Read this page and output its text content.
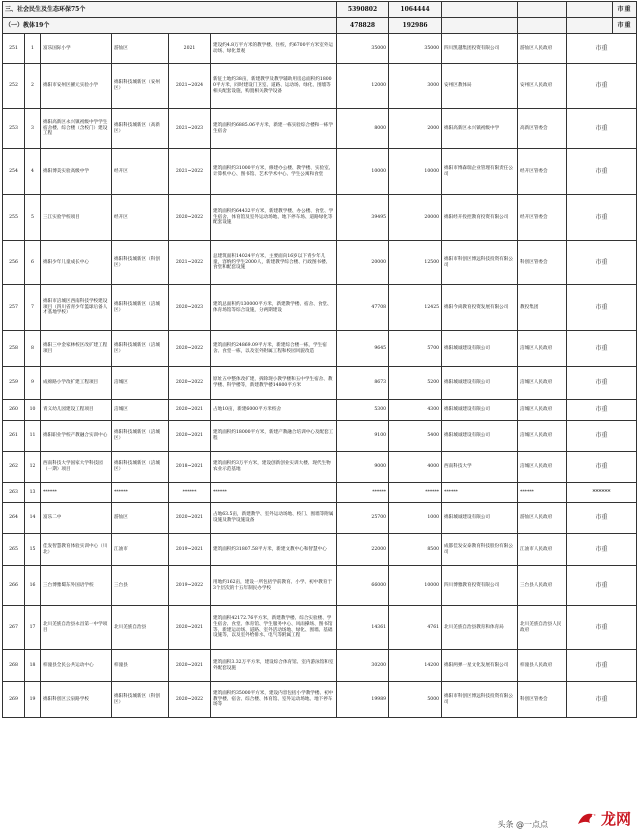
三、社会民生及生态环保75个						5390802	1064444				市重
（一）教体19个						478828	192986				市重
251	1	富乐国际小学	游仙区	2021	建设约4.8万平方米的教学楼、住校，约6700平方米室外运动场、绿化景观	35000	35000	四川凯越集团投资有限公司	游仙区人民政府	市重	
252	2	绵阳市安州区擢元实验小学	绵阳科技城新区（安州区）	2021~2024	新征土地约38亩，新建教学及教学辅助用房总面积约18000平方米，同时建设门卫室、道路、运动场、绿化、围墙等相关配套设施，购置相关教学设备	12000	3000	安州区教体局	安州区人民政府	市重	
253	3	绵阳高新区永兴镇初级中学学生宿舍楼、综合楼（含校门）建设工程	绵阳科技城新区（高新区）	2021~2023	建筑面积约6885.06平方米，新建一栋实验综合楼和一栋学生宿舍	8000	2000	绵阳高新区永兴镇初级中学	高新区管委会	市重	
254	4	绵阳博美实验高级中学	经开区	2021~2022	建筑面积约31000平方米，修建办公楼、教学楼、实验室、计算机中心、图书馆、艺术学术中心、学生公寓和食堂	10000	10000	绵阳市博森瑞企业管理有限责任公司	经开区管委会	市重	
255	5	三江实验学校项目	经开区	2020~2022	建筑面积约64432平方米，新建教学楼、办公楼、食堂、学生宿舍、体育馆及室外运动场地、地下停车场、道路绿化等配套设施	39495	20000	绵阳经开投控教育投资有限公司	经开区管委会	市重	
256	6	绵阳少年儿童成长中心	绵阳科技城新区（科创区）	2021~2022	总建筑面积14024平方米，主要面向16岁以下青少年儿童，容纳约学生2000人，新建教学综合楼、行政图书楼、食堂和配套设施	20000	12500	绵阳市科创区博远科技投资有限公司	科创区管委会	市重	
257	7	绵阳市涪城区西南科技学校建设项目（四川省青少年篮球后备人才基地学校）	绵阳科技城新区（涪城区）	2020~2023	建筑总面积约130000平方米，新建教学楼、宿舍、食堂、体育场馆等综合设施，分两期建设	47708	12425	绵阳今尚教育投资发展有限公司	教投集团	市重	
258	8	绵阳三中金家林校区改扩建工程项目	绵阳科技城新区（涪城区）	2020~2022	建筑面积约24869.09平方米，新建综合楼一栋，学生宿舍、食堂一栋，以及室外附属工程和校园风貌改造	9645	5700	绵阳城诚建设有限公司	涪城区人民政府	市重	
259	9	成绵路小学改扩建工程项目	涪城区	2020~2022	原址五中整体改扩建，拆除现小教学楼和五中学生宿舍、教学楼、科学楼等，新建教学楼14800平方米	8673	5200	绵阳城诚建设有限公司	涪城区人民政府	市重	
260	10	青义幼儿园建设工程项目	涪城区	2020~2021	占地10亩，新建6000平方米校舍	5300	4300	绵阳城诚建设有限公司	涪城区人民政府	市重	
261	11	绵阳职业学校产教融合实训中心	绵阳科技城新区（涪城区）	2020~2021	建筑面积约18000平方米，新建产教融合培训中心及配套工程	9100	5400	绵阳城诚建设有限公司	涪城区人民政府	市重	
262	12	西南科技大学国家大学科技园（一期）项目	绵阳科技城新区（涪城区）	2018~2021	建筑面积约3万平方米，建设创新创业实训大楼、现代生物农业示范基地	9000	4000	西南科技大学	涪城区人民政府	市重	
263	13	******	******	******	******	******	******	******	******	******	
264	14	富乐二中	游仙区	2020~2021	占地63.5亩，新建教学、室外运动场地、校门、围墙等附属设施及教学设施设备	25700	1000	绵阳城诚建设有限公司	游仙区人民政府	市重	
265	15	佳发智慧教育体验实训中心（川北）	江油市	2019~2021	建筑面积约31807.58平方米，新建文教中心和智慧中心	22000	8500	成都佳发安泰教育科技股份有限公司	江油市人民政府	市重	
266	16	三台博雅蜀东外国语学校	三台县	2019~2022	用地约162亩，建设一所包括学前教育、小学、初中教育于3个层次的十五年制民办学校	66000	10000	四川博雅教育投资有限公司	三台县人民政府	市重	
267	17	北川羌族自治县永昌第一中学项目	北川羌族自治县	2020~2021	建筑面积42172.76平方米，新建教学楼、综合实验楼、学生宿舍、食堂、体育馆、学生服务中心、风雨操场、图书馆等，新建运动场、道路、室外活动场地、绿化、围墙、基础设施等，以及室外给排水、电气等附属工程	14361	4761	北川羌族自治县教育和体育局	北川羌族自治县人民政府	市重	
268	18	梓潼县全民公共运动中心	梓潼县	2020~2021	建筑面积3.32万平方米，建设综合体育馆、室内游泳馆和室外配套设施	30200	14200	绵阳两弹一星文化发展有限公司	梓潼县人民政府	市重	
269	19	绵阳科创区云泉路学校	绵阳科技城新区（科创区）	2020~2022	建筑面积约35000平方米，建设内容包括小学教学楼、初中教学楼、宿舍、综合楼、体育馆、室外运动场地、地下停车场等	19989	5000	绵阳市科创区博远科技投资有限公司	科创区管委会	市重	
头条 @一点点	龙网
